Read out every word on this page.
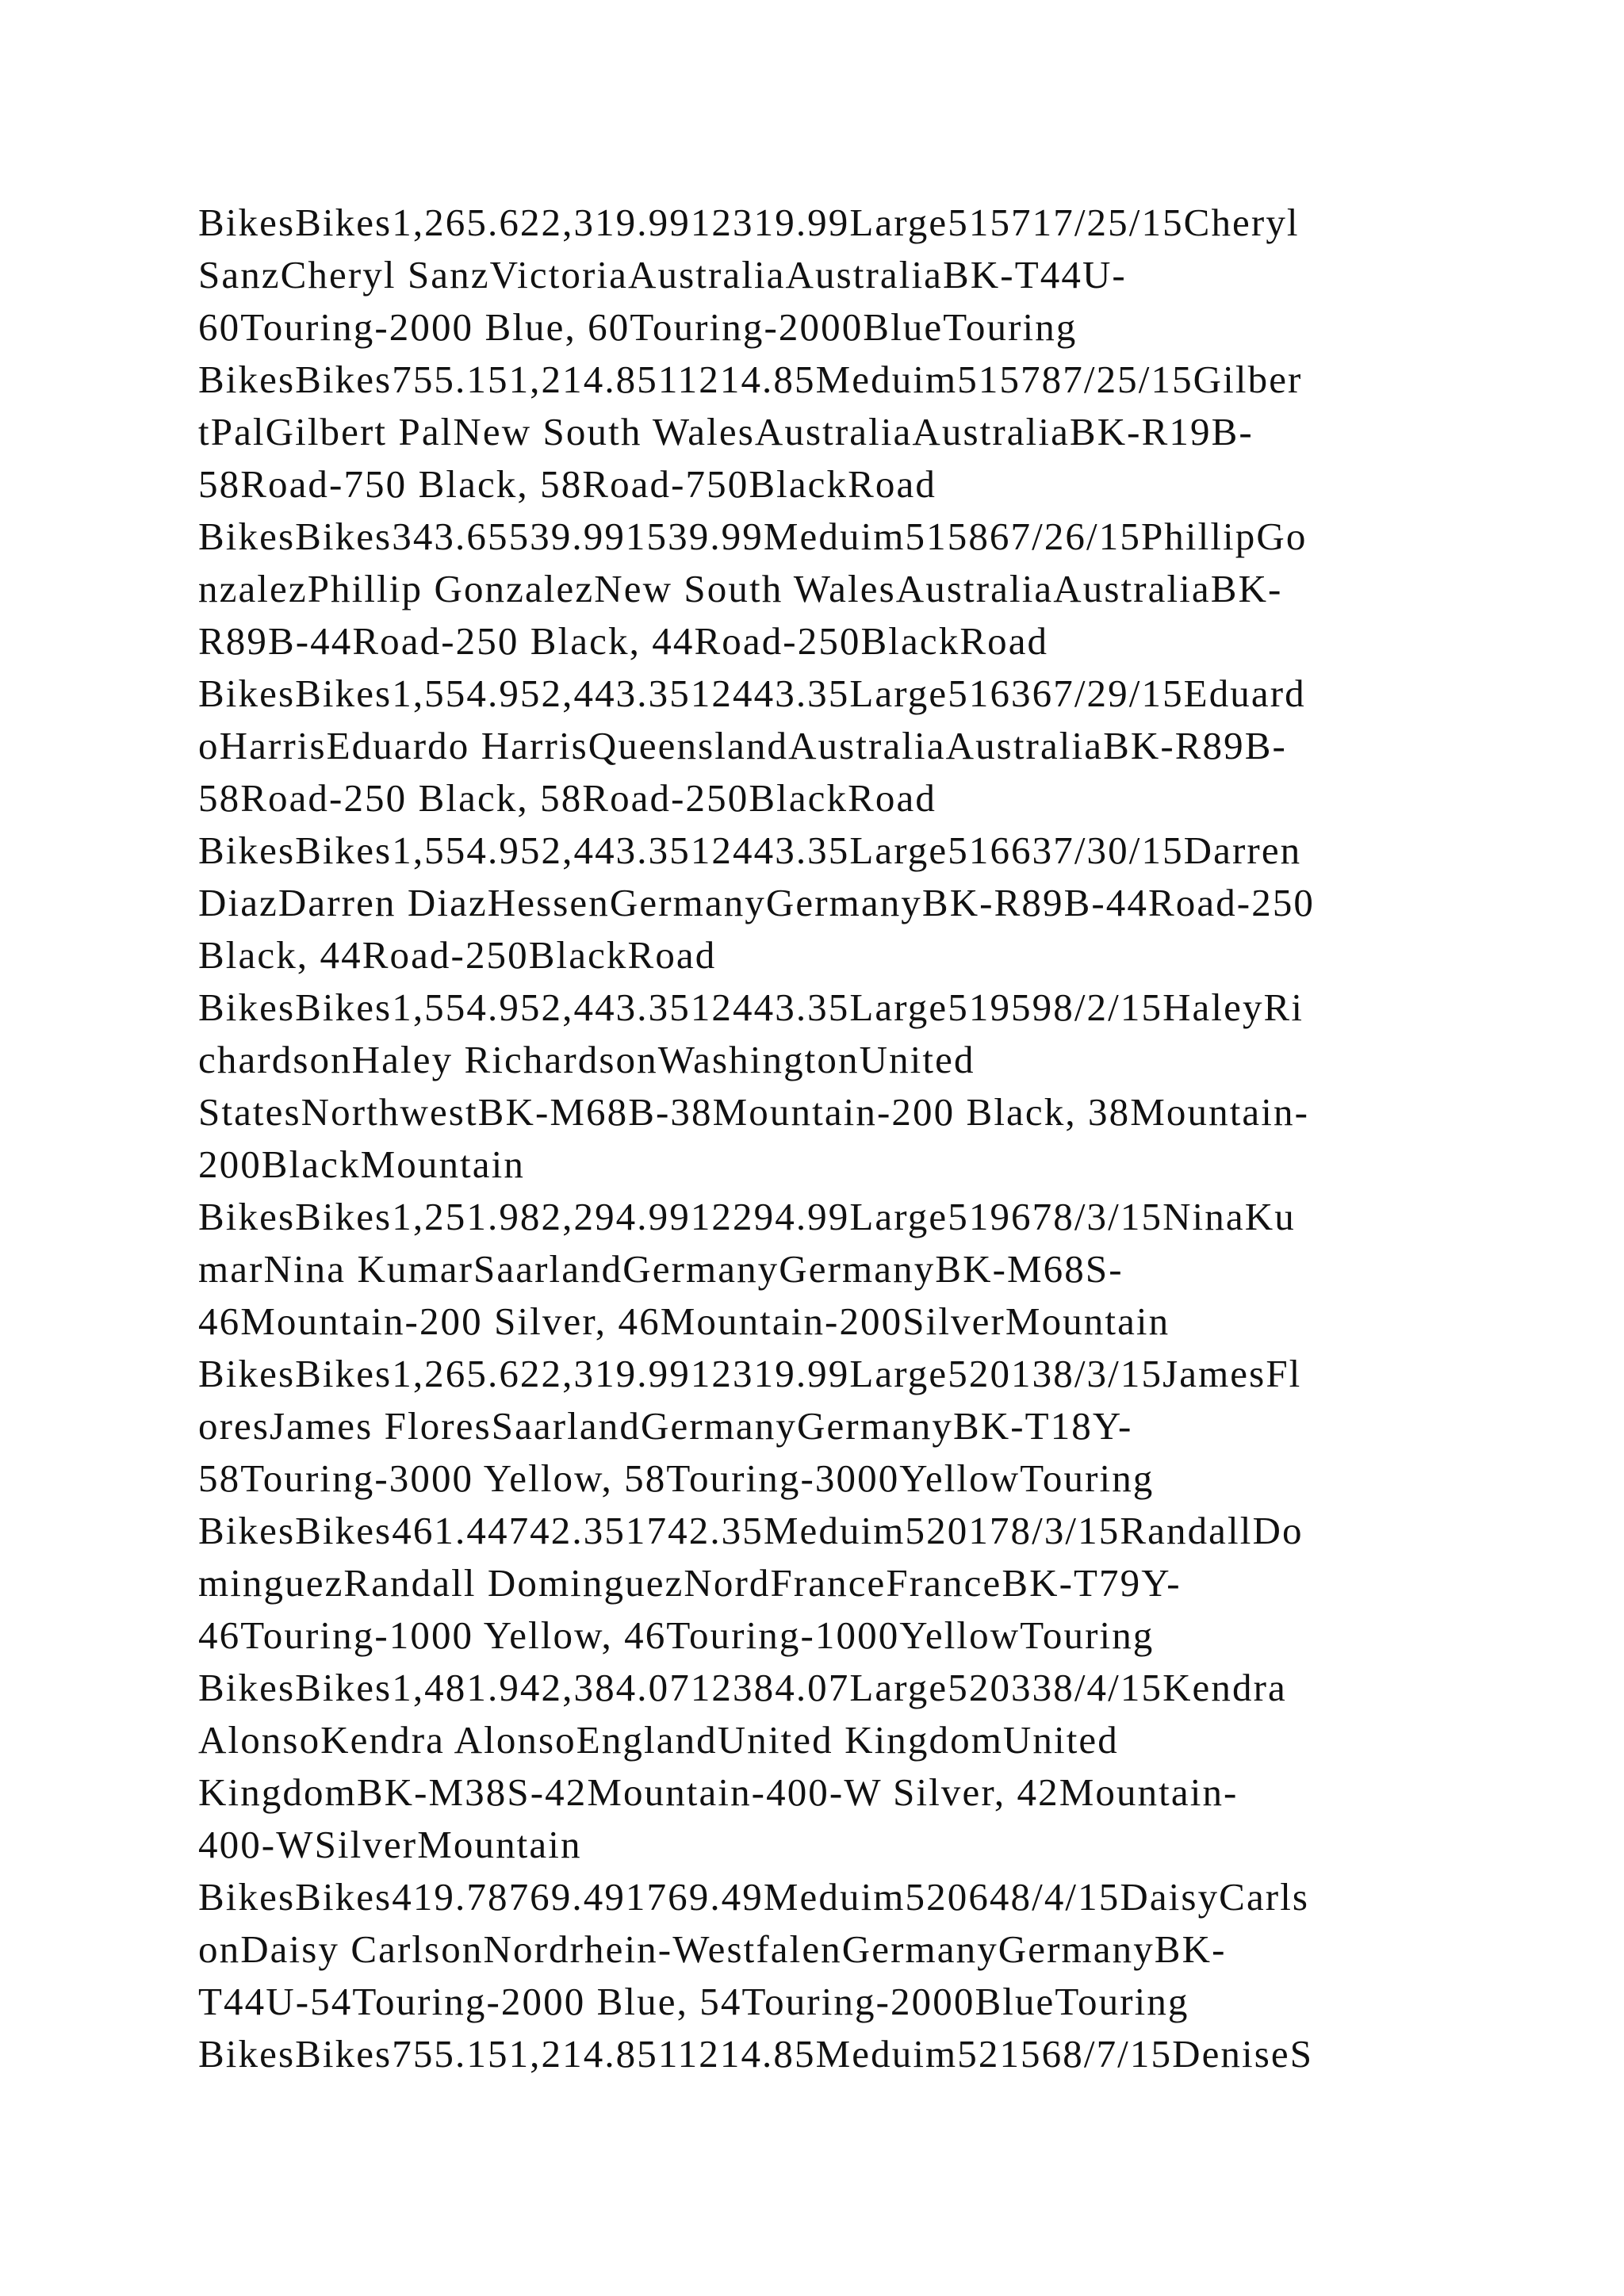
BikesBikes1,265.622,319.9912319.99Large515717/25/15Cheryl
SanzCheryl SanzVictoriaAustraliaAustraliaBK-T44U-
60Touring-2000 Blue, 60Touring-2000BlueTouring
BikesBikes755.151,214.8511214.85Meduim515787/25/15Gilber
tPalGilbert PalNew South WalesAustraliaAustraliaBK-R19B-
58Road-750 Black, 58Road-750BlackRoad
BikesBikes343.65539.991539.99Meduim515867/26/15PhillipGo
nzalezPhillip GonzalezNew South WalesAustraliaAustraliaBK-
R89B-44Road-250 Black, 44Road-250BlackRoad
BikesBikes1,554.952,443.3512443.35Large516367/29/15Eduard
oHarrisEduardo HarrisQueenslandAustraliaAustraliaBK-R89B-
58Road-250 Black, 58Road-250BlackRoad
BikesBikes1,554.952,443.3512443.35Large516637/30/15Darren
DiazDarren DiazHessenGermanyGermanyBK-R89B-44Road-250
Black, 44Road-250BlackRoad
BikesBikes1,554.952,443.3512443.35Large519598/2/15HaleyRi
chardsonHaley RichardsonWashingtonUnited
StatesNorthwestBK-M68B-38Mountain-200 Black, 38Mountain-
200BlackMountain
BikesBikes1,251.982,294.9912294.99Large519678/3/15NinaKu
marNina KumarSaarlandGermanyGermanyBK-M68S-
46Mountain-200 Silver, 46Mountain-200SilverMountain
BikesBikes1,265.622,319.9912319.99Large520138/3/15JamesFl
oresJames FloresSaarlandGermanyGermanyBK-T18Y-
58Touring-3000 Yellow, 58Touring-3000YellowTouring
BikesBikes461.44742.351742.35Meduim520178/3/15RandallDo
minguezRandall DominguezNordFranceFranceBK-T79Y-
46Touring-1000 Yellow, 46Touring-1000YellowTouring
BikesBikes1,481.942,384.0712384.07Large520338/4/15Kendra
AlonsoKendra AlonsoEnglandUnited KingdomUnited
KingdomBK-M38S-42Mountain-400-W Silver, 42Mountain-
400-WSilverMountain
BikesBikes419.78769.491769.49Meduim520648/4/15DaisyCarls
onDaisy CarlsonNordrhein-WestfalenGermanyGermanyBK-
T44U-54Touring-2000 Blue, 54Touring-2000BlueTouring
BikesBikes755.151,214.8511214.85Meduim521568/7/15DeniseS
